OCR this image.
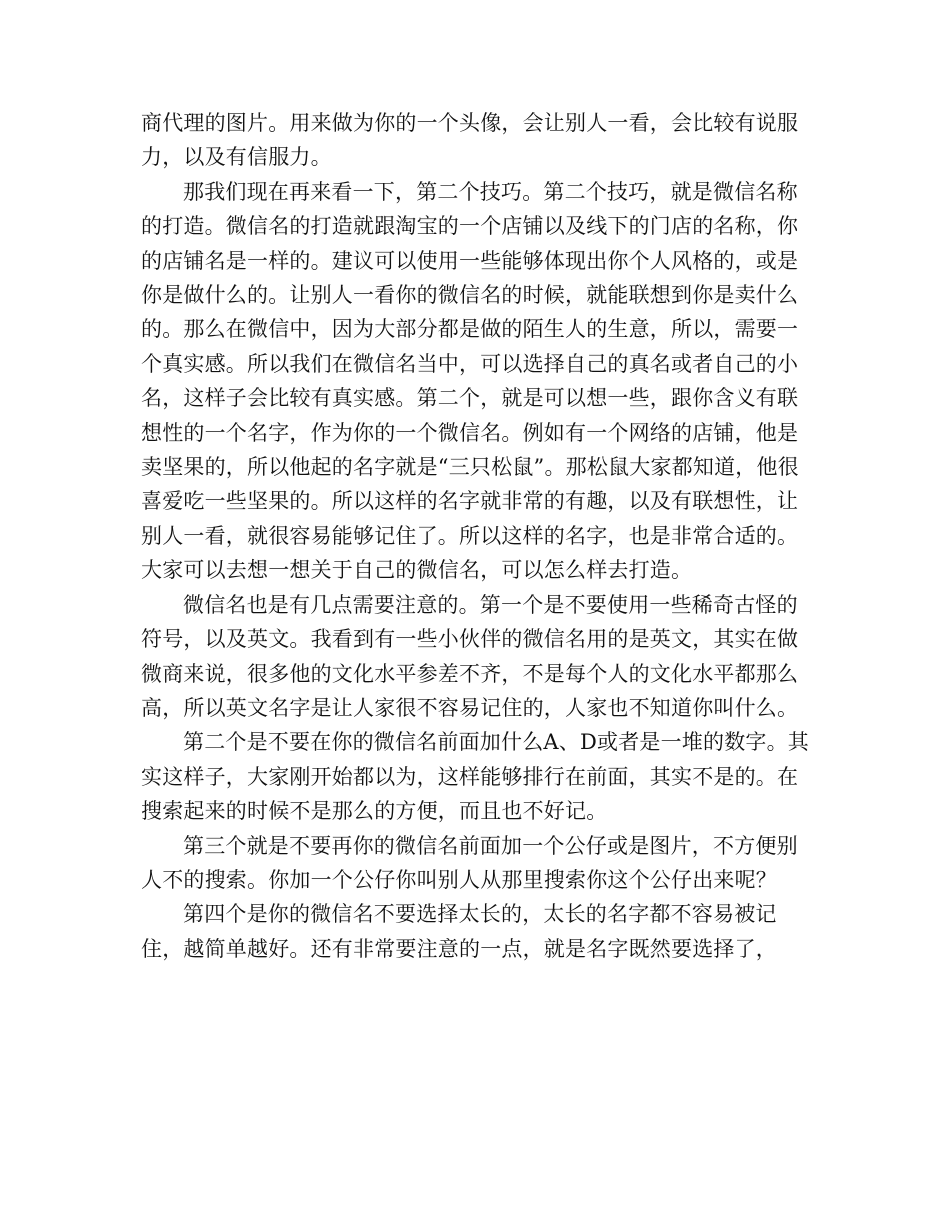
商代理的图片。用来做为你的一个头像，会让别人一看，会比较有说服力，以及有信服力。

那我们现在再来看一下，第二个技巧。第二个技巧，就是微信名称的打造。微信名的打造就跟淘宝的一个店铺以及线下的门店的名称，你的店铺名是一样的。建议可以使用一些能够体现出你个人风格的，或是你是做什么的。让别人一看你的微信名的时候，就能联想到你是卖什么的。那么在微信中，因为大部分都是做的陌生人的生意，所以，需要一个真实感。所以我们在微信名当中，可以选择自己的真名或者自己的小名，这样子会比较有真实感。第二个，就是可以想一些，跟你含义有联想性的一个名字，作为你的一个微信名。例如有一个网络的店铺，他是卖坚果的，所以他起的名字就是“三只松鼠”。那松鼠大家都知道，他很喜爱吃一些坚果的。所以这样的名字就非常的有趣，以及有联想性，让别人一看，就很容易能够记住了。所以这样的名字，也是非常合适的。大家可以去想一想关于自己的微信名，可以怎么样去打造。

微信名也是有几点需要注意的。第一个是不要使用一些稀奇古怪的符号，以及英文。我看到有一些小伙伴的微信名用的是英文，其实在做微商来说，很多他的文化水平参差不齐，不是每个人的文化水平都那么高，所以英文名字是让人家很不容易记住的，人家也不知道你叫什么。

第二个是不要在你的微信名前面加什么A、D或者是一堆的数字。其实这样子，大家刚开始都以为，这样能够排行在前面，其实不是的。在搜索起来的时候不是那么的方便，而且也不好记。

第三个就是不要再你的微信名前面加一个公仔或是图片，不方便别人不的搜索。你加一个公仔你叫别人从那里搜索你这个公仔出来呢？

第四个是你的微信名不要选择太长的，太长的名字都不容易被记住，越简单越好。还有非常要注意的一点，就是名字既然要选择了，
